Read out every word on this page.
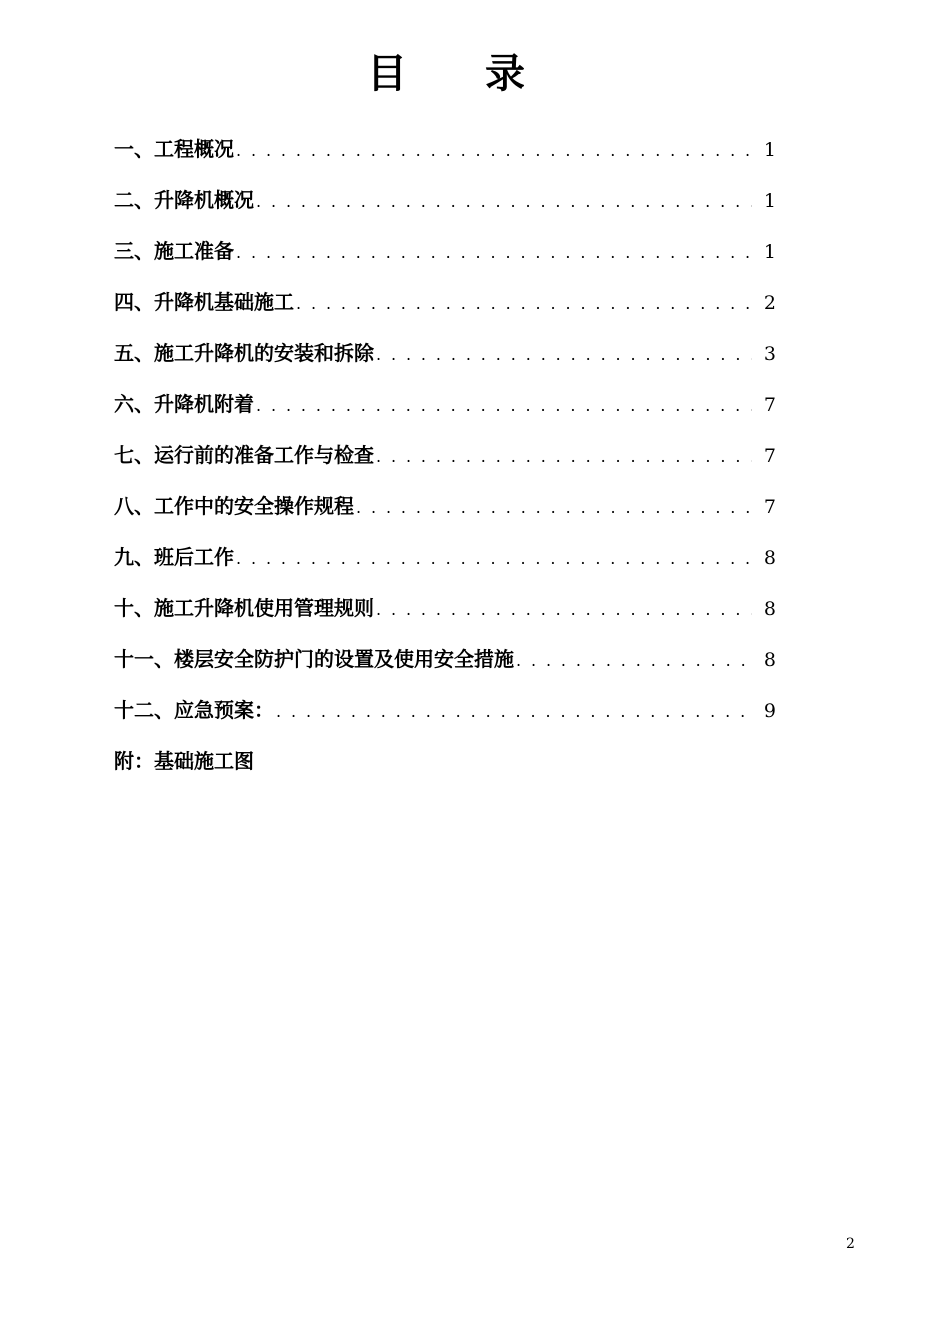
目录
一、工程概况 . . .	1
二、升降机概况 . . .	1
三、施工准备 . . .	1
四、升降机基础施工 . . .	2
五、施工升降机的安装和拆除 . . .	3
六、升降机附着 . . .	7
七、运行前的准备工作与检查 . . .	7
八、工作中的安全操作规程 . . .	7
九、班后工作 . . .	8
十、施工升降机使用管理规则 . . .	8
十一、楼层安全防护门的设置及使用安全措施 . . .	8
十二、应急预案： . . .	9
附：基础施工图
2
